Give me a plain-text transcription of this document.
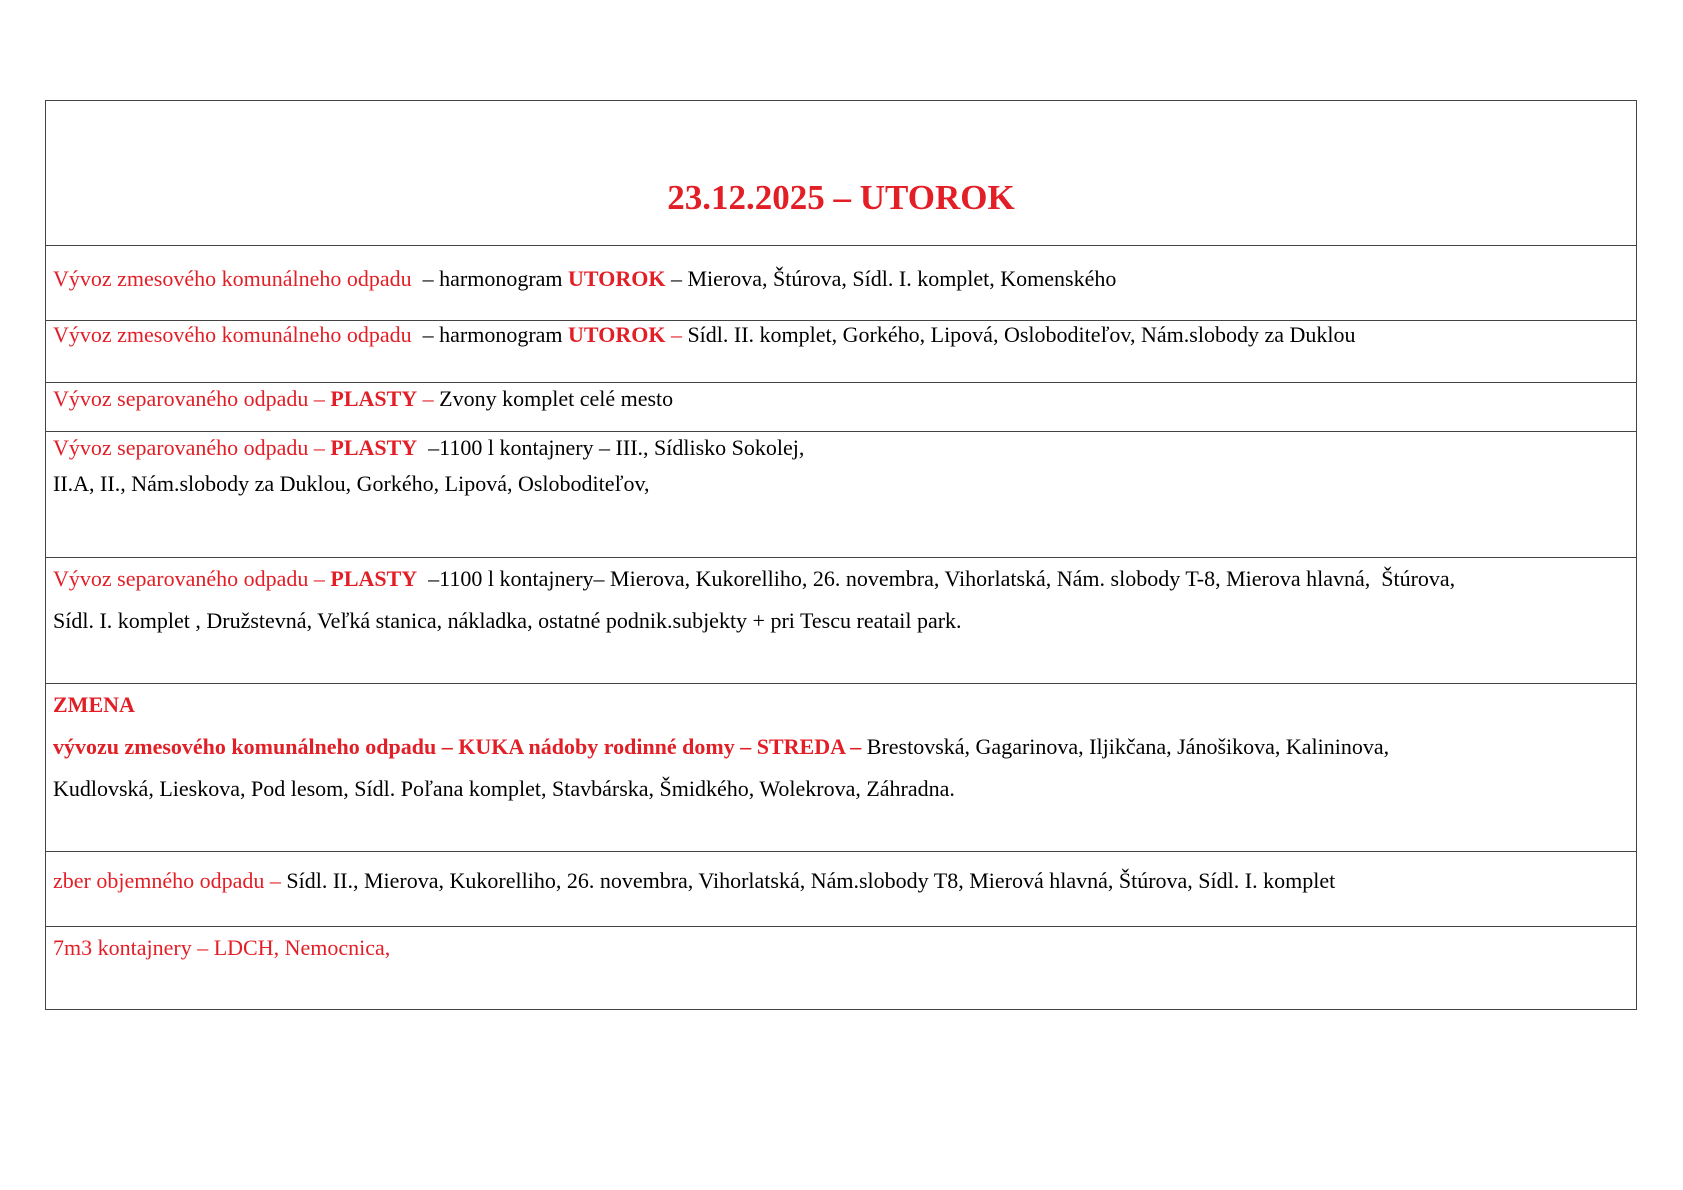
23.12.2025 – UTOROK
Vývoz zmesového komunálneho odpadu  – harmonogram UTOROK – Mierova, Štúrova, Sídl. I. komplet, Komenského
Vývoz zmesového komunálneho odpadu  – harmonogram UTOROK – Sídl. II. komplet, Gorkého, Lipová, Osloboditeľov, Nám.slobody za Duklou
Vývoz separovaného odpadu – PLASTY – Zvony komplet celé mesto
Vývoz separovaného odpadu – PLASTY  –1100 l kontajnery – III., Sídlisko Sokolej,
II.A, II., Nám.slobody za Duklou, Gorkého, Lipová, Osloboditeľov,
Vývoz separovaného odpadu – PLASTY  –1100 l kontajnery– Mierova, Kukorelliho, 26. novembra, Vihorlatská, Nám. slobody T-8, Mierova hlavná,  Štúrova,
Sídl. I. komplet , Družstevná, Veľká stanica, nákladka, ostatné podnik.subjekty + pri Tescu reatail park.
ZMENA
vývozu zmesového komunálneho odpadu – KUKA nádoby rodinné domy – STREDA – Brestovská, Gagarinova, Iljikčana, Jánošikova, Kalininova,
Kudlovská, Lieskova, Pod lesom, Sídl. Poľana komplet, Stavbárska, Šmidkého, Wolekrova, Záhradna.
zber objemného odpadu – Sídl. II., Mierova, Kukorelliho, 26. novembra, Vihorlatská, Nám.slobody T8, Mierová hlavná, Štúrova, Sídl. I. komplet
7m3 kontajnery – LDCH, Nemocnica,
